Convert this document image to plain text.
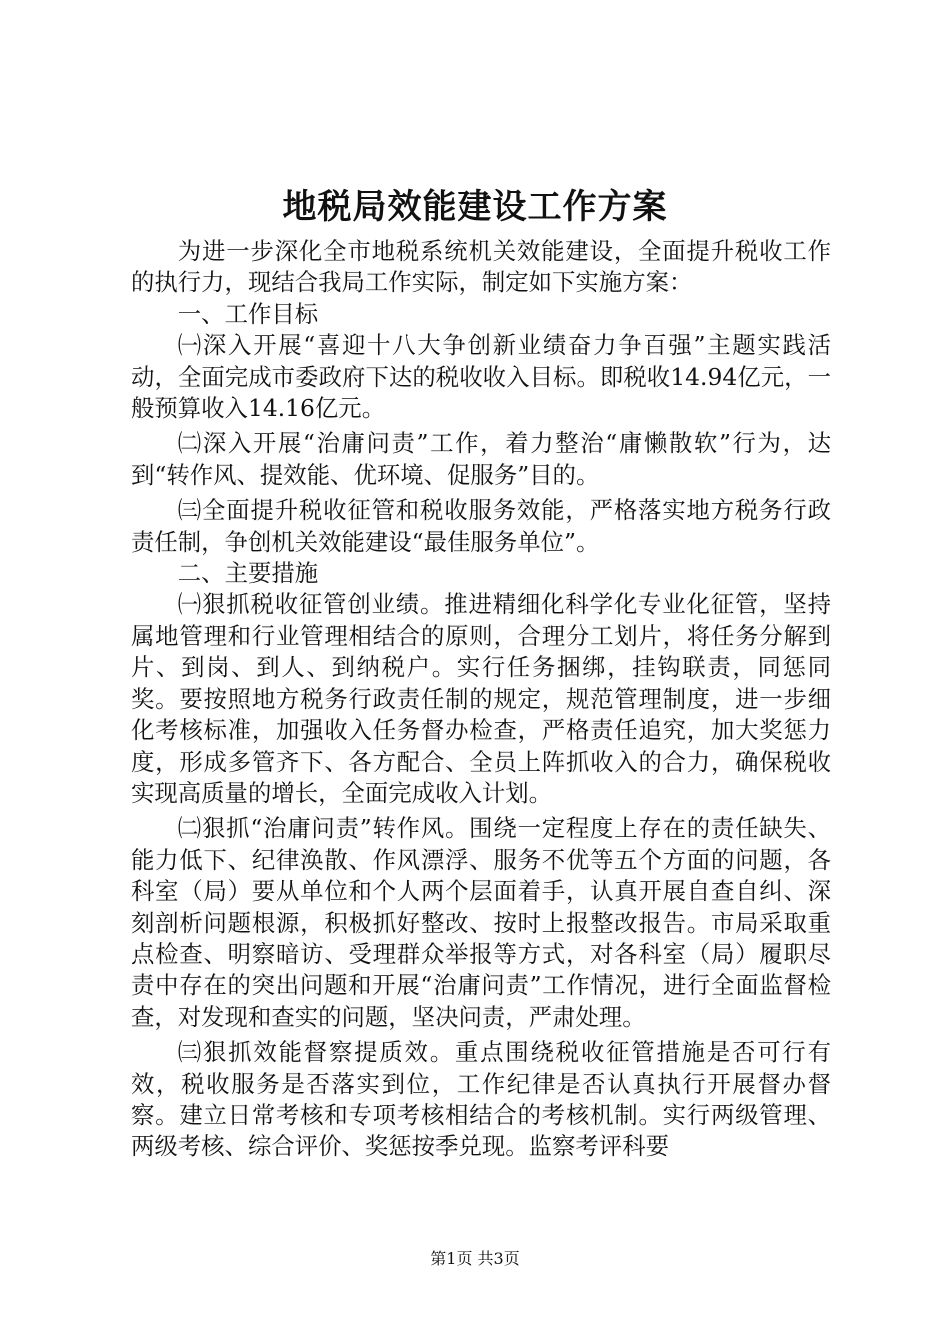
地税局效能建设工作方案

为进一步深化全市地税系统机关效能建设，全面提升税收工作的执行力，现结合我局工作实际，制定如下实施方案：

一、工作目标

㈠深入开展“喜迎十八大争创新业绩奋力争百强”主题实践活动，全面完成市委政府下达的税收收入目标。即税收14.94亿元，一般预算收入14.16亿元。

㈡深入开展“治庸问责”工作，着力整治“庸懒散软”行为，达到“转作风、提效能、优环境、促服务”目的。

㈢全面提升税收征管和税收服务效能，严格落实地方税务行政责任制，争创机关效能建设“最佳服务单位”。

二、主要措施

㈠狠抓税收征管创业绩。推进精细化科学化专业化征管，坚持属地管理和行业管理相结合的原则，合理分工划片，将任务分解到片、到岗、到人、到纳税户。实行任务捆绑，挂钩联责，同惩同奖。要按照地方税务行政责任制的规定，规范管理制度，进一步细化考核标准，加强收入任务督办检查，严格责任追究，加大奖惩力度，形成多管齐下、各方配合、全员上阵抓收入的合力，确保税收实现高质量的增长，全面完成收入计划。

㈡狠抓“治庸问责”转作风。围绕一定程度上存在的责任缺失、能力低下、纪律涣散、作风漂浮、服务不优等五个方面的问题，各科室（局）要从单位和个人两个层面着手，认真开展自查自纠、深刻剖析问题根源，积极抓好整改、按时上报整改报告。市局采取重点检查、明察暗访、受理群众举报等方式，对各科室（局）履职尽责中存在的突出问题和开展“治庸问责”工作情况，进行全面监督检查，对发现和查实的问题，坚决问责，严肃处理。

㈢狠抓效能督察提质效。重点围绕税收征管措施是否可行有效，税收服务是否落实到位，工作纪律是否认真执行开展督办督察。建立日常考核和专项考核相结合的考核机制。实行两级管理、两级考核、综合评价、奖惩按季兑现。监察考评科要

第1页 共3页
